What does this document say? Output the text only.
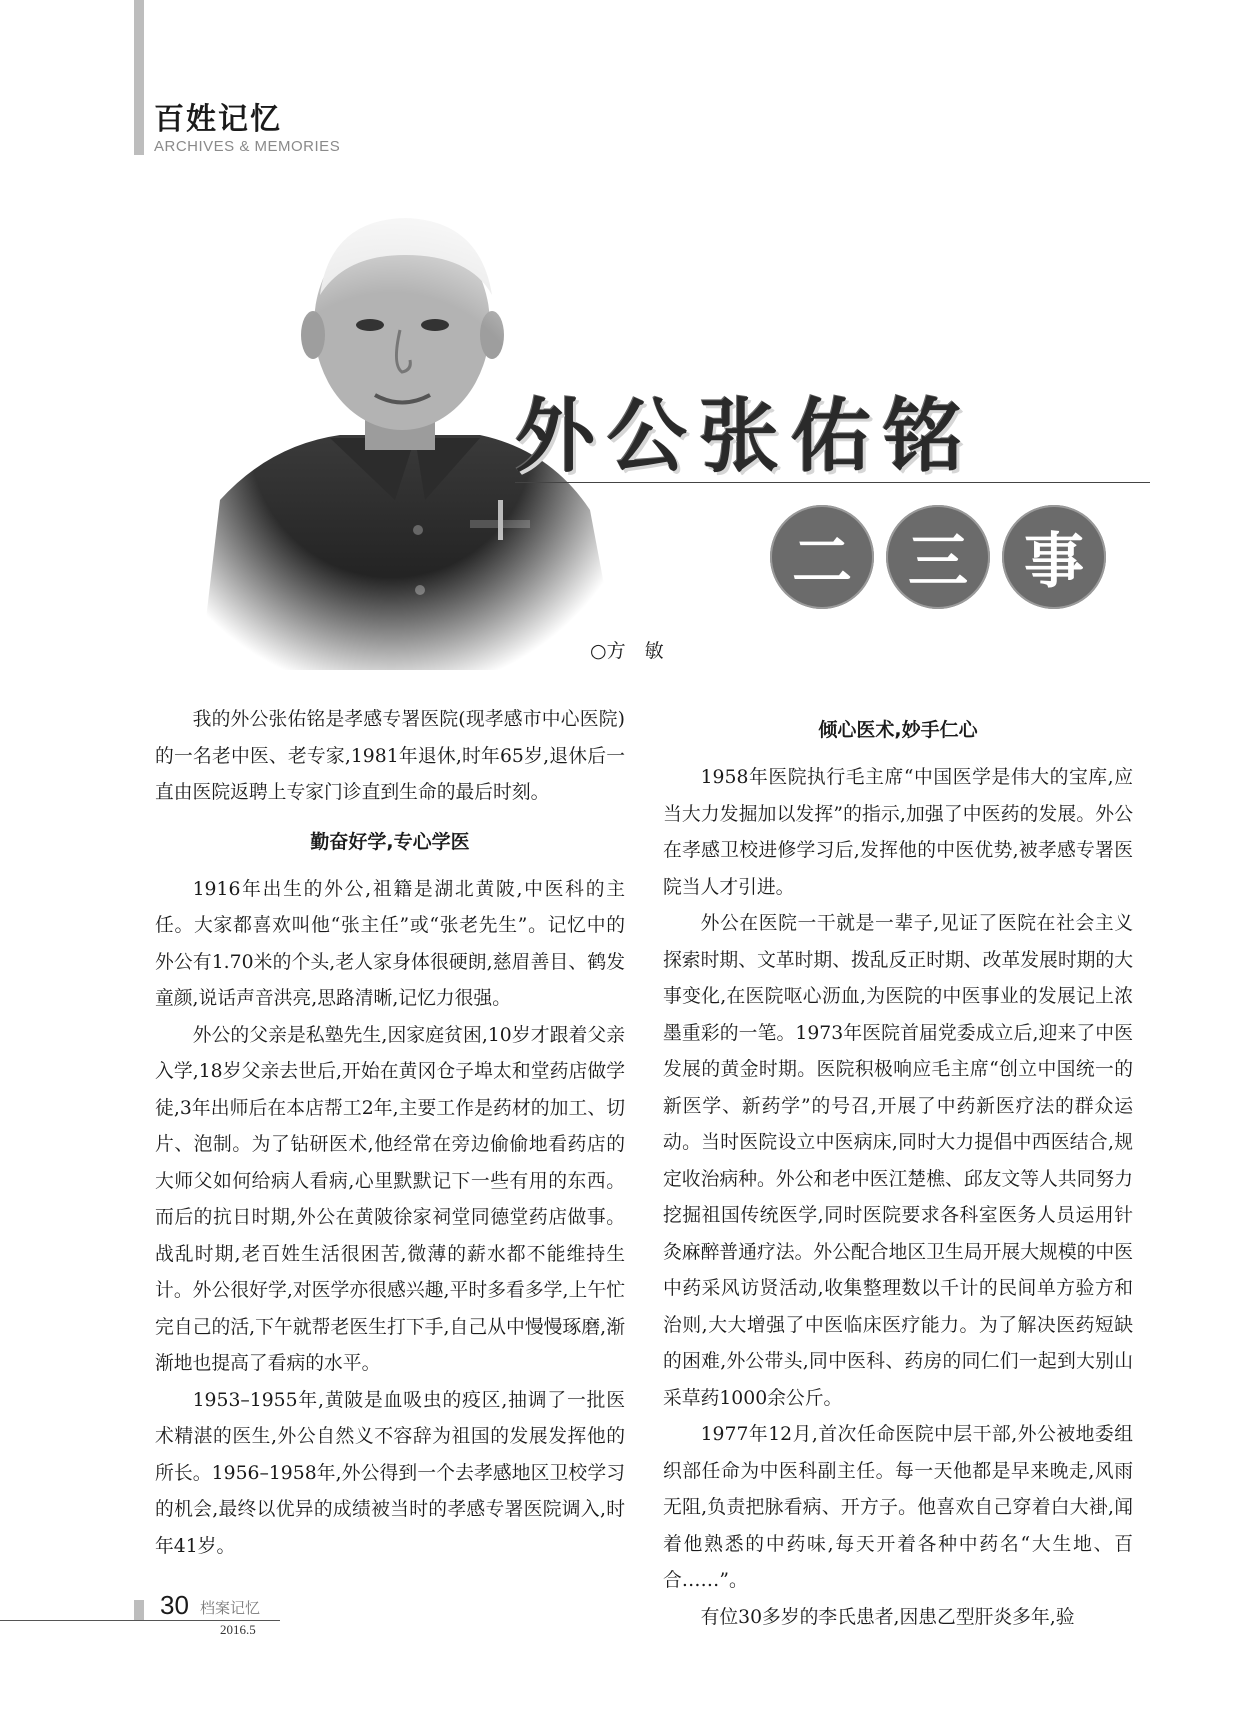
百姓记忆
ARCHIVES & MEMORIES
外公张佑铭
二 三 事
○方　敏

我的外公张佑铭是孝感专署医院(现孝感市中心医院)的一名老中医、老专家,1981年退休,时年65岁,退休后一直由医院返聘上专家门诊直到生命的最后时刻。

勤奋好学,专心学医

1916年出生的外公,祖籍是湖北黄陂,中医科的主任。大家都喜欢叫他“张主任”或“张老先生”。记忆中的外公有1.70米的个头,老人家身体很硬朗,慈眉善目、鹤发童颜,说话声音洪亮,思路清晰,记忆力很强。

外公的父亲是私塾先生,因家庭贫困,10岁才跟着父亲入学,18岁父亲去世后,开始在黄冈仓子埠太和堂药店做学徒,3年出师后在本店帮工2年,主要工作是药材的加工、切片、泡制。为了钻研医术,他经常在旁边偷偷地看药店的大师父如何给病人看病,心里默默记下一些有用的东西。而后的抗日时期,外公在黄陂徐家祠堂同德堂药店做事。战乱时期,老百姓生活很困苦,微薄的薪水都不能维持生计。外公很好学,对医学亦很感兴趣,平时多看多学,上午忙完自己的活,下午就帮老医生打下手,自己从中慢慢琢磨,渐渐地也提高了看病的水平。

1953–1955年,黄陂是血吸虫的疫区,抽调了一批医术精湛的医生,外公自然义不容辞为祖国的发展发挥他的所长。1956–1958年,外公得到一个去孝感地区卫校学习的机会,最终以优异的成绩被当时的孝感专署医院调入,时年41岁。

倾心医术,妙手仁心

1958年医院执行毛主席“中国医学是伟大的宝库,应当大力发掘加以发挥”的指示,加强了中医药的发展。外公在孝感卫校进修学习后,发挥他的中医优势,被孝感专署医院当人才引进。

外公在医院一干就是一辈子,见证了医院在社会主义探索时期、文革时期、拨乱反正时期、改革发展时期的大事变化,在医院呕心沥血,为医院的中医事业的发展记上浓墨重彩的一笔。1973年医院首届党委成立后,迎来了中医发展的黄金时期。医院积极响应毛主席“创立中国统一的新医学、新药学”的号召,开展了中药新医疗法的群众运动。当时医院设立中医病床,同时大力提倡中西医结合,规定收治病种。外公和老中医江楚樵、邱友文等人共同努力挖掘祖国传统医学,同时医院要求各科室医务人员运用针灸麻醉普通疗法。外公配合地区卫生局开展大规模的中医中药采风访贤活动,收集整理数以千计的民间单方验方和治则,大大增强了中医临床医疗能力。为了解决医药短缺的困难,外公带头,同中医科、药房的同仁们一起到大别山采草药1000余公斤。

1977年12月,首次任命医院中层干部,外公被地委组织部任命为中医科副主任。每一天他都是早来晚走,风雨无阻,负责把脉看病、开方子。他喜欢自己穿着白大褂,闻着他熟悉的中药味,每天开着各种中药名“大生地、百合……”。

有位30多岁的李氏患者,因患乙型肝炎多年,验

30 档案记忆
2016.5
